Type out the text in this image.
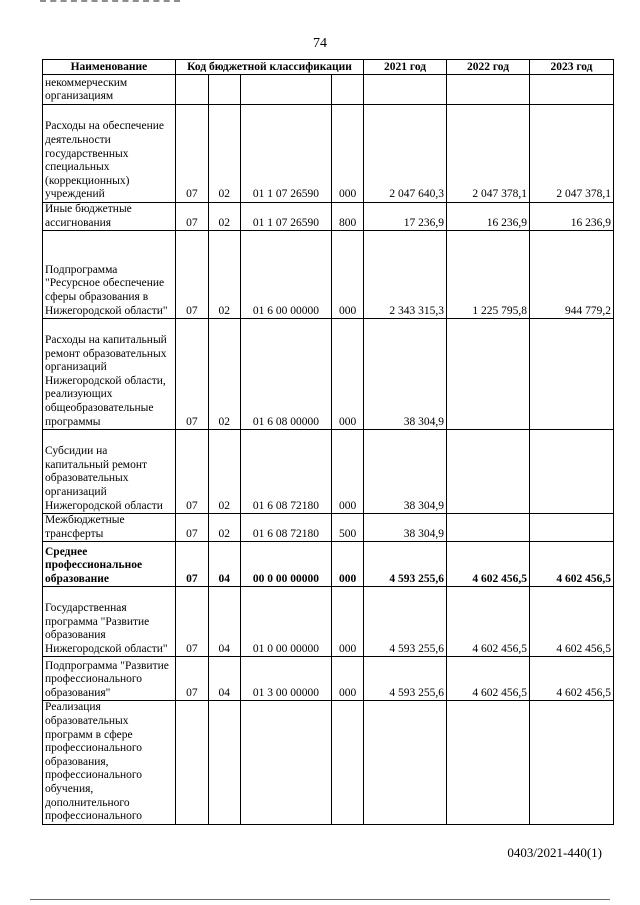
74
Наименование	Код бюджетной классификации				2021 год	2022 год	2023 год
некоммерческим организациям							
Расходы на обеспечение деятельности государственных специальных (коррекционных) учреждений	07	02	01 1 07 26590	000	2 047 640,3	2 047 378,1	2 047 378,1
Иные бюджетные ассигнования	07	02	01 1 07 26590	800	17 236,9	16 236,9	16 236,9
Подпрограмма "Ресурсное обеспечение сферы образования в Нижегородской области"	07	02	01 6 00 00000	000	2 343 315,3	1 225 795,8	944 779,2
Расходы на капитальный ремонт образовательных организаций Нижегородской области, реализующих общеобразовательные программы	07	02	01 6 08 00000	000	38 304,9		
Субсидии на капитальный ремонт образовательных организаций Нижегородской области	07	02	01 6 08 72180	000	38 304,9		
Межбюджетные трансферты	07	02	01 6 08 72180	500	38 304,9		
Среднее профессиональное образование	07	04	00 0 00 00000	000	4 593 255,6	4 602 456,5	4 602 456,5
Государственная программа "Развитие образования Нижегородской области"	07	04	01 0 00 00000	000	4 593 255,6	4 602 456,5	4 602 456,5
Подпрограмма "Развитие профессионального образования"	07	04	01 3 00 00000	000	4 593 255,6	4 602 456,5	4 602 456,5
Реализация образовательных программ в сфере профессионального образования, профессионального обучения, дополнительного профессионального							
0403/2021-440(1)
